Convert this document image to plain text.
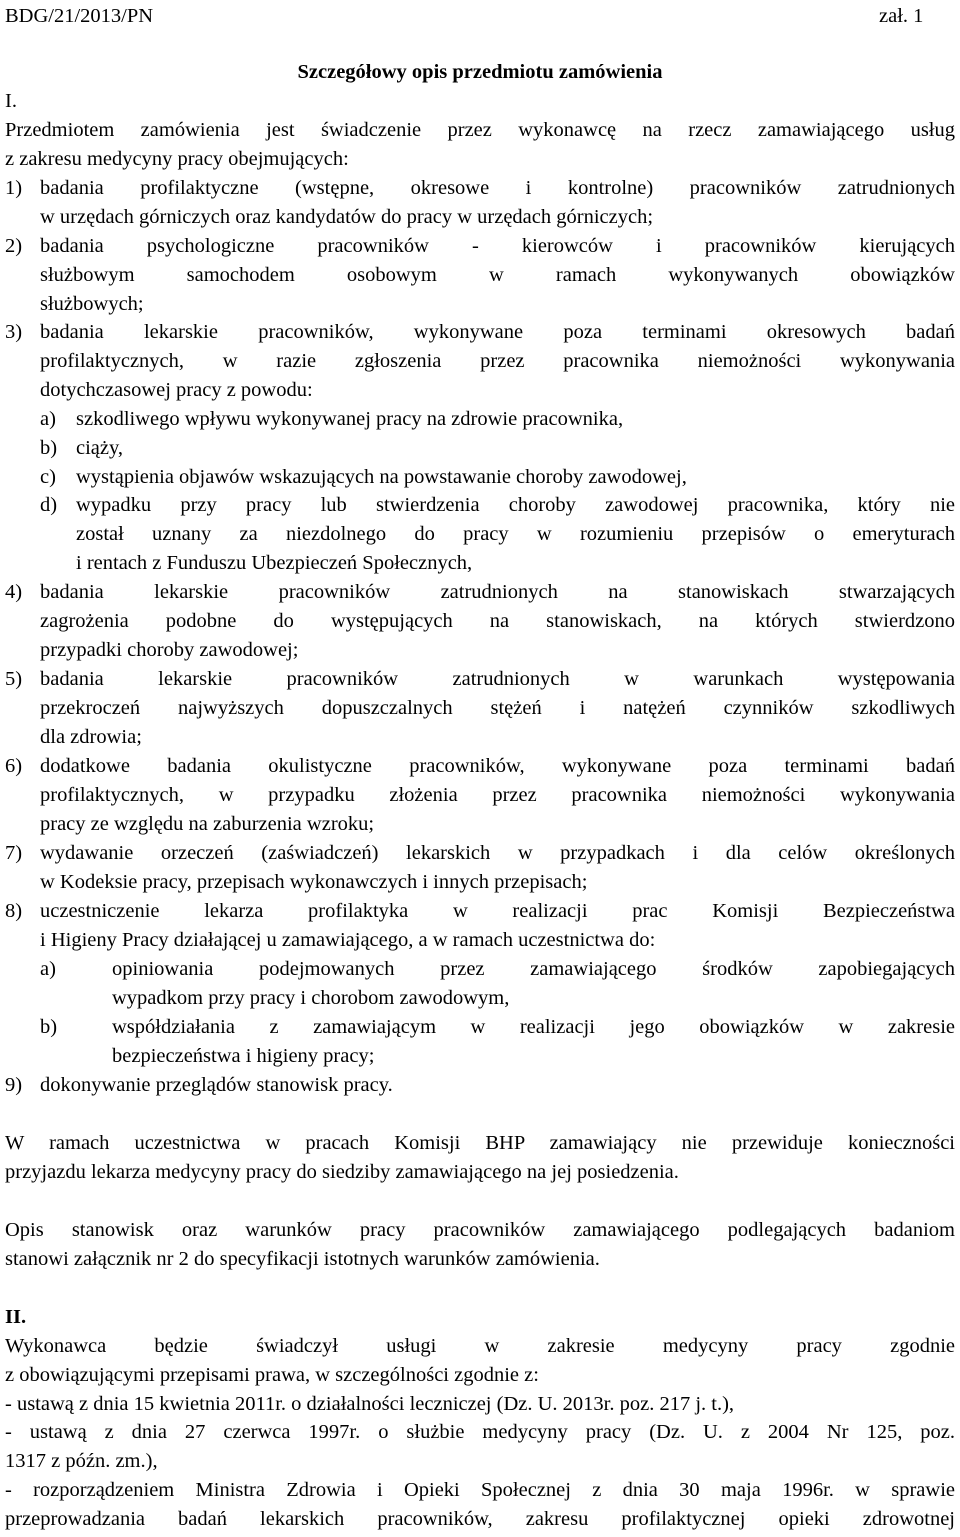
BDG/21/2013/PN	zał. 1
Szczegółowy opis przedmiotu zamówienia
I.
Przedmiotem zamówienia jest świadczenie przez wykonawcę na rzecz zamawiającego usług
z zakresu medycyny pracy obejmujących:
1) badania profilaktyczne (wstępne, okresowe i kontrolne) pracowników zatrudnionych
w urzędach górniczych oraz kandydatów do pracy w urzędach górniczych;
2) badania psychologiczne pracowników - kierowców i pracowników kierujących
służbowym samochodem osobowym w ramach wykonywanych obowiązków
służbowych;
3) badania lekarskie pracowników, wykonywane poza terminami okresowych badań
profilaktycznych, w razie zgłoszenia przez pracownika niemożności wykonywania
dotychczasowej pracy z powodu:
a) szkodliwego wpływu wykonywanej pracy na zdrowie pracownika,
b) ciąży,
c) wystąpienia objawów wskazujących na powstawanie choroby zawodowej,
d) wypadku przy pracy lub stwierdzenia choroby zawodowej pracownika, który nie
został uznany za niezdolnego do pracy w rozumieniu przepisów o emeryturach
i rentach z Funduszu Ubezpieczeń Społecznych,
4) badania lekarskie pracowników zatrudnionych na stanowiskach stwarzających
zagrożenia podobne do występujących na stanowiskach, na których stwierdzono
przypadki choroby zawodowej;
5) badania lekarskie pracowników zatrudnionych w warunkach występowania
przekroczeń najwyższych dopuszczalnych stężeń i natężeń czynników szkodliwych
dla zdrowia;
6) dodatkowe badania okulistyczne pracowników, wykonywane poza terminami badań
profilaktycznych, w przypadku złożenia przez pracownika niemożności wykonywania
pracy ze względu na zaburzenia wzroku;
7) wydawanie orzeczeń (zaświadczeń) lekarskich w przypadkach i dla celów określonych
w Kodeksie pracy, przepisach wykonawczych i innych przepisach;
8) uczestniczenie lekarza profilaktyka w realizacji prac Komisji Bezpieczeństwa
i Higieny Pracy działającej u zamawiającego, a w ramach uczestnictwa do:
a)	opiniowania podejmowanych przez zamawiającego środków zapobiegających
wypadkom przy pracy i chorobom zawodowym,
b)	współdziałania z zamawiającym w realizacji jego obowiązków w zakresie
bezpieczeństwa i higieny pracy;
9) dokonywanie przeglądów stanowisk pracy.
W ramach uczestnictwa w pracach Komisji BHP zamawiający nie przewiduje konieczności
przyjazdu lekarza medycyny pracy do siedziby zamawiającego na jej posiedzenia.
Opis stanowisk oraz warunków pracy pracowników zamawiającego podlegających badaniom
stanowi załącznik nr 2 do specyfikacji istotnych warunków zamówienia.
II.
Wykonawca będzie świadczył usługi w zakresie medycyny pracy zgodnie
z obowiązującymi przepisami prawa, w szczególności zgodnie z:
- ustawą z dnia 15 kwietnia 2011r. o działalności leczniczej (Dz. U. 2013r. poz. 217 j. t.),
- ustawą z dnia 27 czerwca 1997r. o służbie medycyny pracy (Dz. U. z 2004 Nr 125, poz.
1317 z późn. zm.),
- rozporządzeniem Ministra Zdrowia i Opieki Społecznej z dnia 30 maja 1996r. w sprawie
przeprowadzania badań lekarskich pracowników, zakresu profilaktycznej opieki zdrowotnej
